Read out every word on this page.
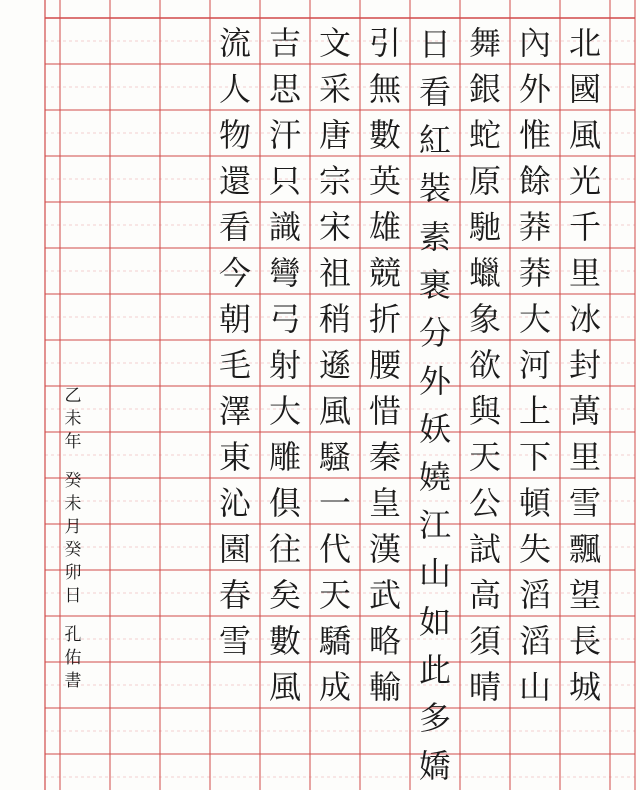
北
國
風
光
千
里
冰
封
萬
里
雪
飄
望
長
城
內
外
惟
餘
莽
莽
大
河
上
下
頓
失
滔
滔
山
舞
銀
蛇
原
馳
蠟
象
欲
與
天
公
試
高
須
晴
日
看
紅
裝
素
裹
分
外
妖
嬈
江
山
如
此
多
嬌
引
無
數
英
雄
競
折
腰
惜
秦
皇
漢
武
略
輸
文
采
唐
宗
宋
祖
稍
遜
風
騷
一
代
天
驕
成
吉
思
汗
只
識
彎
弓
射
大
雕
俱
往
矣
數
風
流
人
物
還
看
今
朝
毛
澤
東
沁
園
春
雪
乙
未
年
癸
未
月
癸
卯
日
孔
佑
書
